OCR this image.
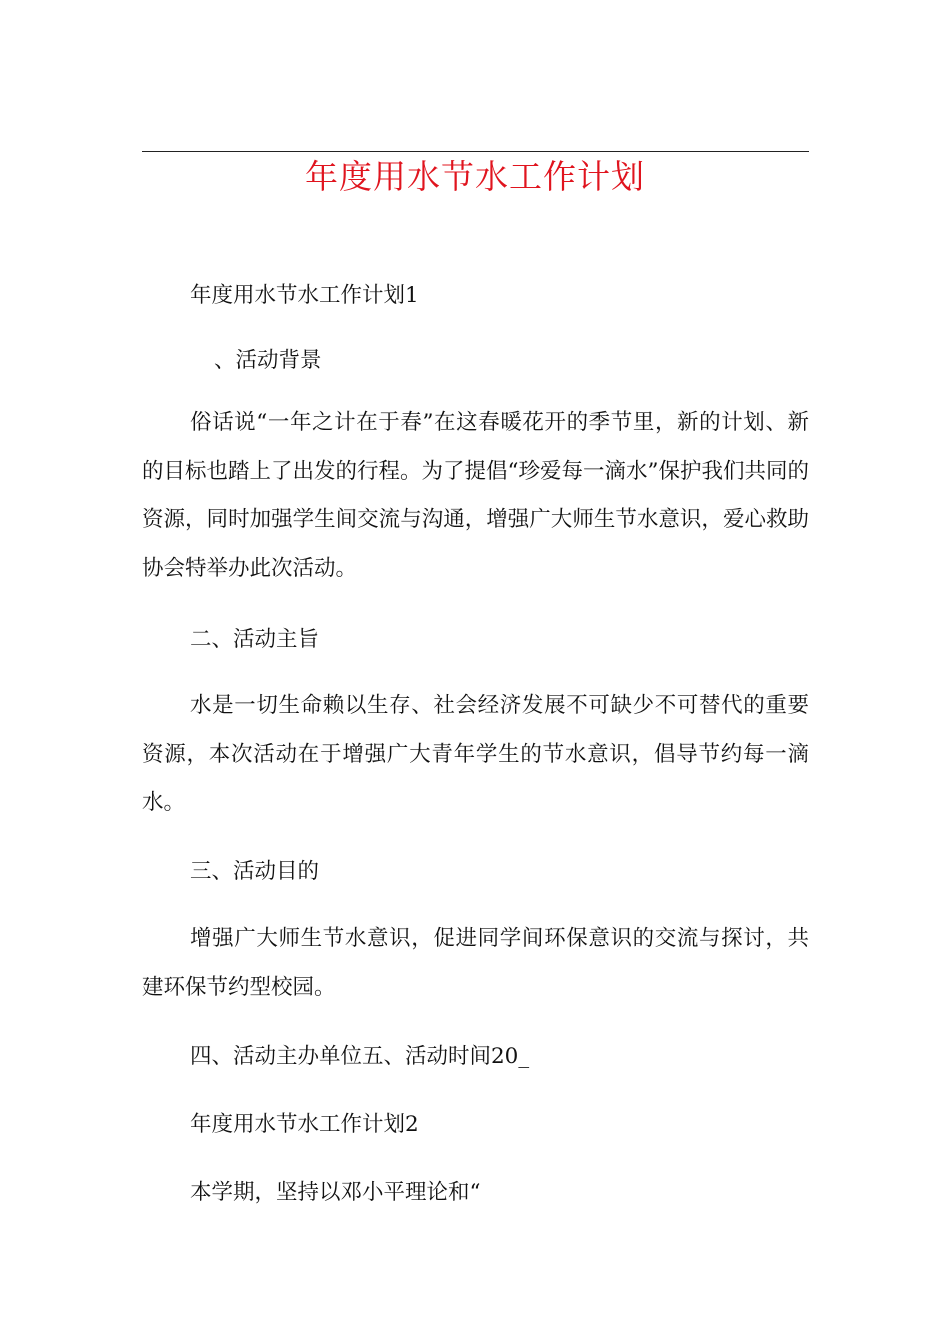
年度用水节水工作计划
年度用水节水工作计划1
、活动背景
俗话说“一年之计在于春”在这春暖花开的季节里，新的计划、新的目标也踏上了出发的行程。为了提倡“珍爱每一滴水”保护我们共同的资源，同时加强学生间交流与沟通，增强广大师生节水意识，爱心救助协会特举办此次活动。
二、活动主旨
水是一切生命赖以生存、社会经济发展不可缺少不可替代的重要资源，本次活动在于增强广大青年学生的节水意识，倡导节约每一滴水。
三、活动目的
增强广大师生节水意识，促进同学间环保意识的交流与探讨，共建环保节约型校园。
四、活动主办单位五、活动时间20_
年度用水节水工作计划2
本学期，坚持以邓小平理论和“
